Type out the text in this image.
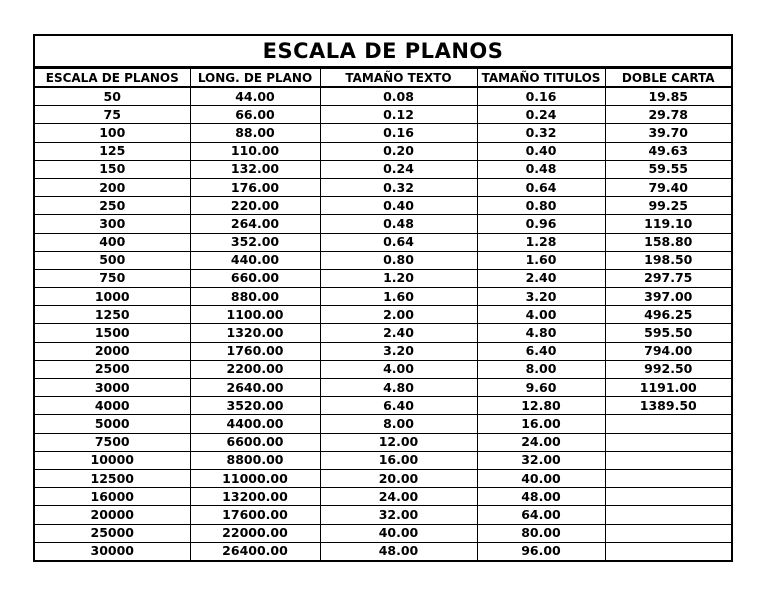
ESCALA DE PLANOS
ESCALA DE PLANOS	LONG. DE PLANO	TAMAÑO TEXTO	TAMAÑO TITULOS	DOBLE CARTA
50	44.00	0.08	0.16	19.85
75	66.00	0.12	0.24	29.78
100	88.00	0.16	0.32	39.70
125	110.00	0.20	0.40	49.63
150	132.00	0.24	0.48	59.55
200	176.00	0.32	0.64	79.40
250	220.00	0.40	0.80	99.25
300	264.00	0.48	0.96	119.10
400	352.00	0.64	1.28	158.80
500	440.00	0.80	1.60	198.50
750	660.00	1.20	2.40	297.75
1000	880.00	1.60	3.20	397.00
1250	1100.00	2.00	4.00	496.25
1500	1320.00	2.40	4.80	595.50
2000	1760.00	3.20	6.40	794.00
2500	2200.00	4.00	8.00	992.50
3000	2640.00	4.80	9.60	1191.00
4000	3520.00	6.40	12.80	1389.50
5000	4400.00	8.00	16.00	
7500	6600.00	12.00	24.00	
10000	8800.00	16.00	32.00	
12500	11000.00	20.00	40.00	
16000	13200.00	24.00	48.00	
20000	17600.00	32.00	64.00	
25000	22000.00	40.00	80.00	
30000	26400.00	48.00	96.00	
